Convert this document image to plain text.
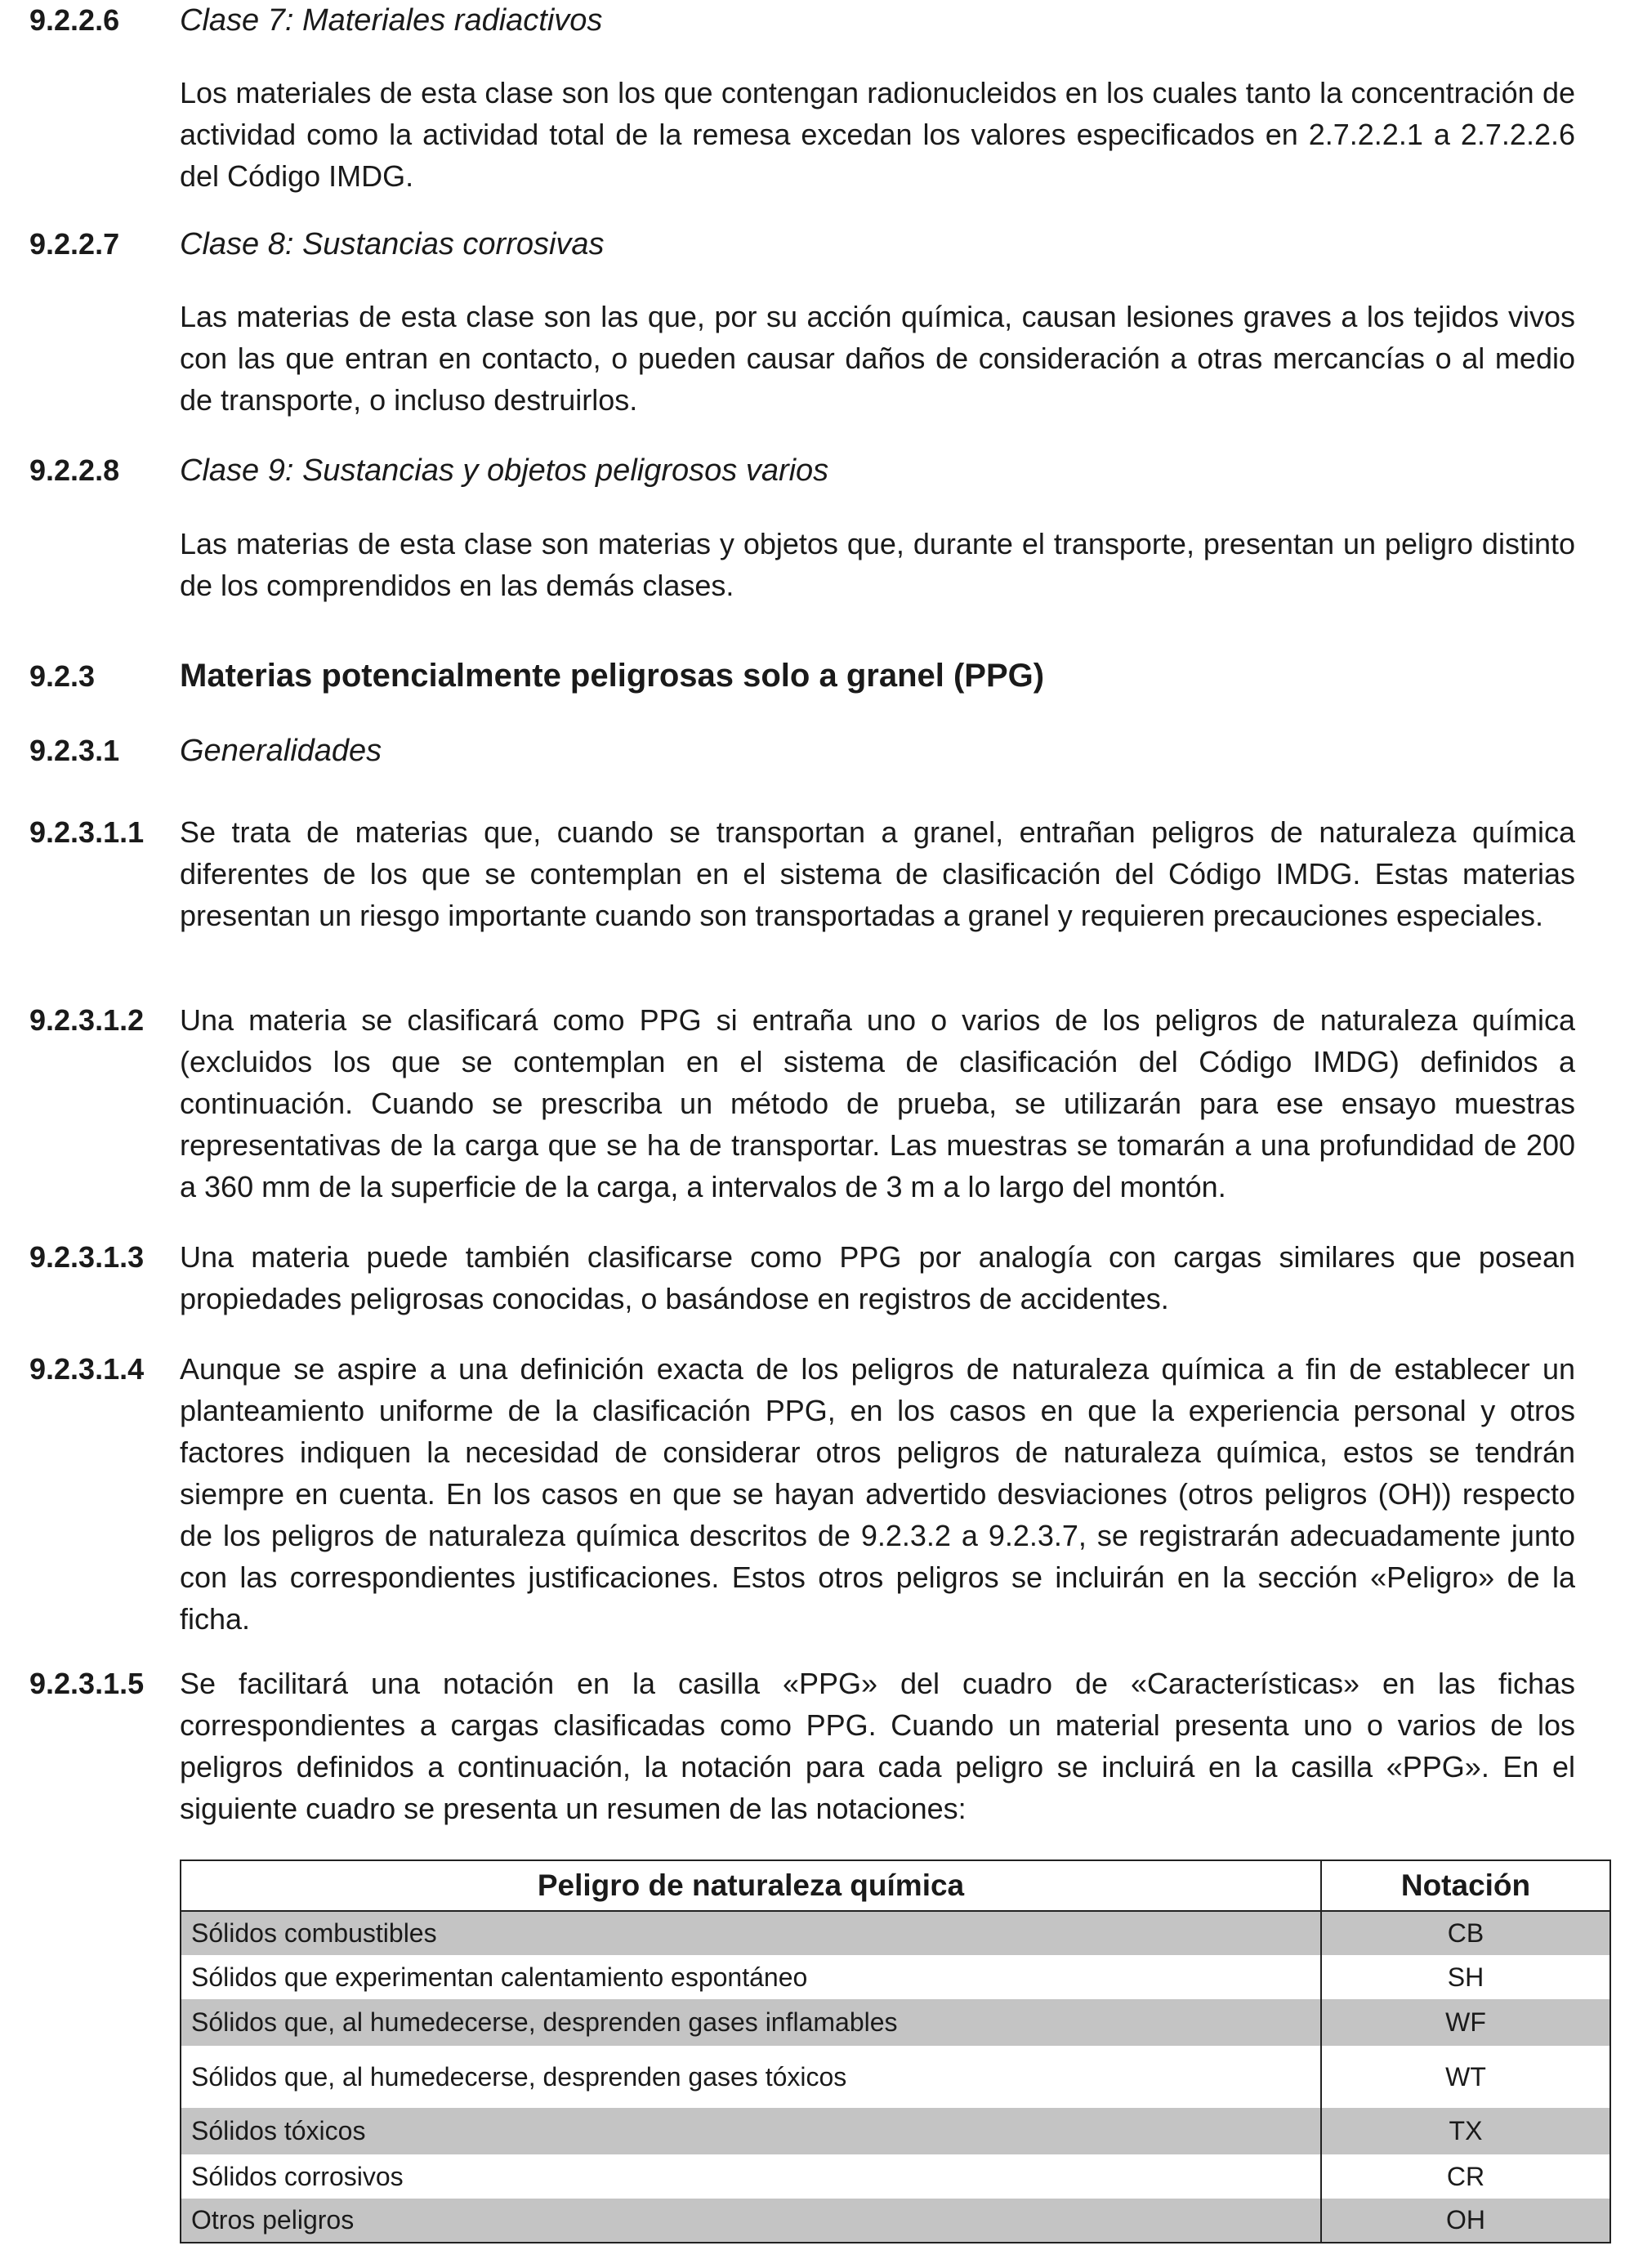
9.2.2.6	Clase 7: Materiales radiactivos
Los materiales de esta clase son los que contengan radionucleidos en los cuales tanto la concentración de actividad como la actividad total de la remesa excedan los valores especificados en 2.7.2.2.1 a 2.7.2.2.6 del Código IMDG.
9.2.2.7	Clase 8: Sustancias corrosivas
Las materias de esta clase son las que, por su acción química, causan lesiones graves a los tejidos vivos con las que entran en contacto, o pueden causar daños de consideración a otras mercancías o al medio de transporte, o incluso destruirlos.
9.2.2.8	Clase 9: Sustancias y objetos peligrosos varios
Las materias de esta clase son materias y objetos que, durante el transporte, presentan un peligro distinto de los comprendidos en las demás clases.
9.2.3	Materias potencialmente peligrosas solo a granel (PPG)
9.2.3.1	Generalidades
9.2.3.1.1	Se trata de materias que, cuando se transportan a granel, entrañan peligros de naturaleza química diferentes de los que se contemplan en el sistema de clasificación del Código IMDG. Estas materias presentan un riesgo importante cuando son transportadas a granel y requieren precauciones especiales.
9.2.3.1.2	Una materia se clasificará como PPG si entraña uno o varios de los peligros de naturaleza química (excluidos los que se contemplan en el sistema de clasificación del Código IMDG) definidos a continuación. Cuando se prescriba un método de prueba, se utilizarán para ese ensayo muestras representativas de la carga que se ha de transportar. Las muestras se tomarán a una profundidad de 200 a 360 mm de la superficie de la carga, a intervalos de 3 m a lo largo del montón.
9.2.3.1.3	Una materia puede también clasificarse como PPG por analogía con cargas similares que posean propiedades peligrosas conocidas, o basándose en registros de accidentes.
9.2.3.1.4	Aunque se aspire a una definición exacta de los peligros de naturaleza química a fin de establecer un planteamiento uniforme de la clasificación PPG, en los casos en que la experiencia personal y otros factores indiquen la necesidad de considerar otros peligros de naturaleza química, estos se tendrán siempre en cuenta. En los casos en que se hayan advertido desviaciones (otros peligros (OH)) respecto de los peligros de naturaleza química descritos de 9.2.3.2 a 9.2.3.7, se registrarán adecuadamente junto con las correspondientes justificaciones. Estos otros peligros se incluirán en la sección «Peligro» de la ficha.
9.2.3.1.5	Se facilitará una notación en la casilla «PPG» del cuadro de «Características» en las fichas correspondientes a cargas clasificadas como PPG. Cuando un material presenta uno o varios de los peligros definidos a continuación, la notación para cada peligro se incluirá en la casilla «PPG». En el siguiente cuadro se presenta un resumen de las notaciones:
Peligro de naturaleza química	Notación
Sólidos combustibles	CB
Sólidos que experimentan calentamiento espontáneo	SH
Sólidos que, al humedecerse, desprenden gases inflamables	WF
Sólidos que, al humedecerse, desprenden gases tóxicos	WT
Sólidos tóxicos	TX
Sólidos corrosivos	CR
Otros peligros	OH
